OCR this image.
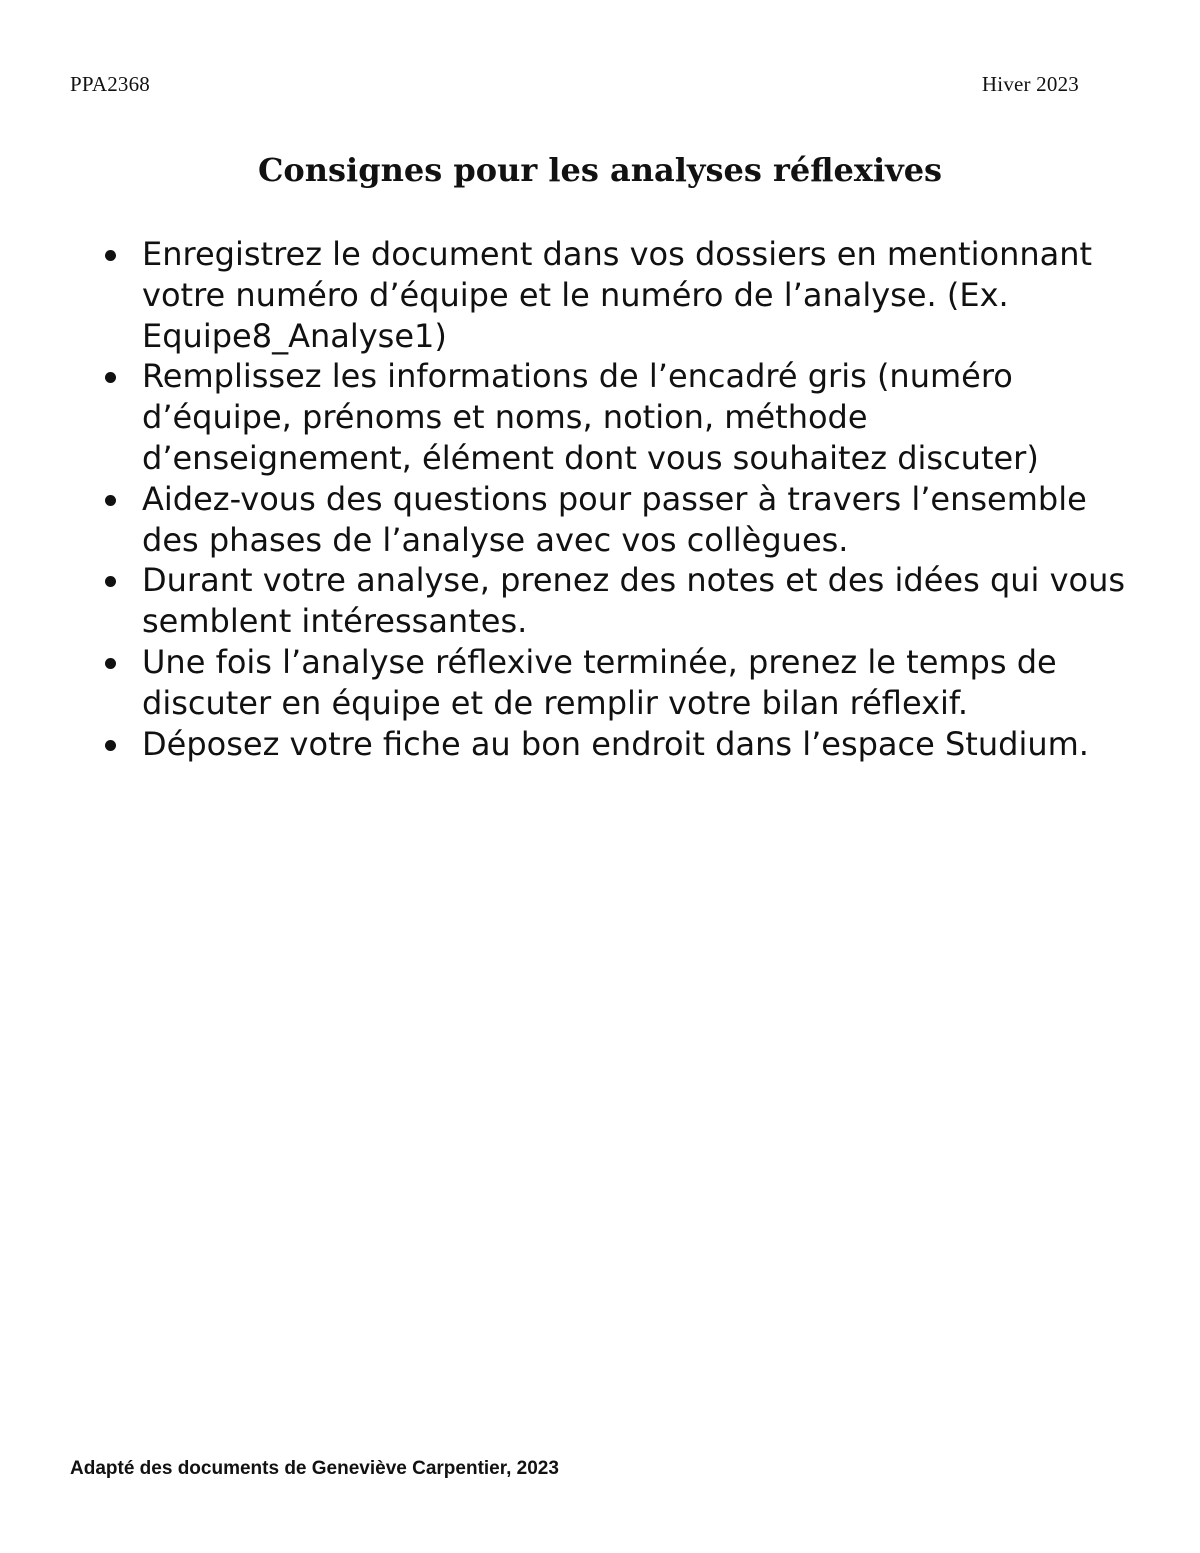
PPA2368	Hiver 2023
Consignes pour les analyses réflexives
Enregistrez le document dans vos dossiers en mentionnant votre numéro d’équipe et le numéro de l’analyse. (Ex. Equipe8_Analyse1)
Remplissez les informations de l’encadré gris (numéro d’équipe, prénoms et noms, notion, méthode d’enseignement, élément dont vous souhaitez discuter)
Aidez-vous des questions pour passer à travers l’ensemble des phases de l’analyse avec vos collègues.
Durant votre analyse, prenez des notes et des idées qui vous semblent intéressantes.
Une fois l’analyse réflexive terminée, prenez le temps de discuter en équipe et de remplir votre bilan réflexif.
Déposez votre fiche au bon endroit dans l’espace Studium.
Adapté des documents de Geneviève Carpentier, 2023
